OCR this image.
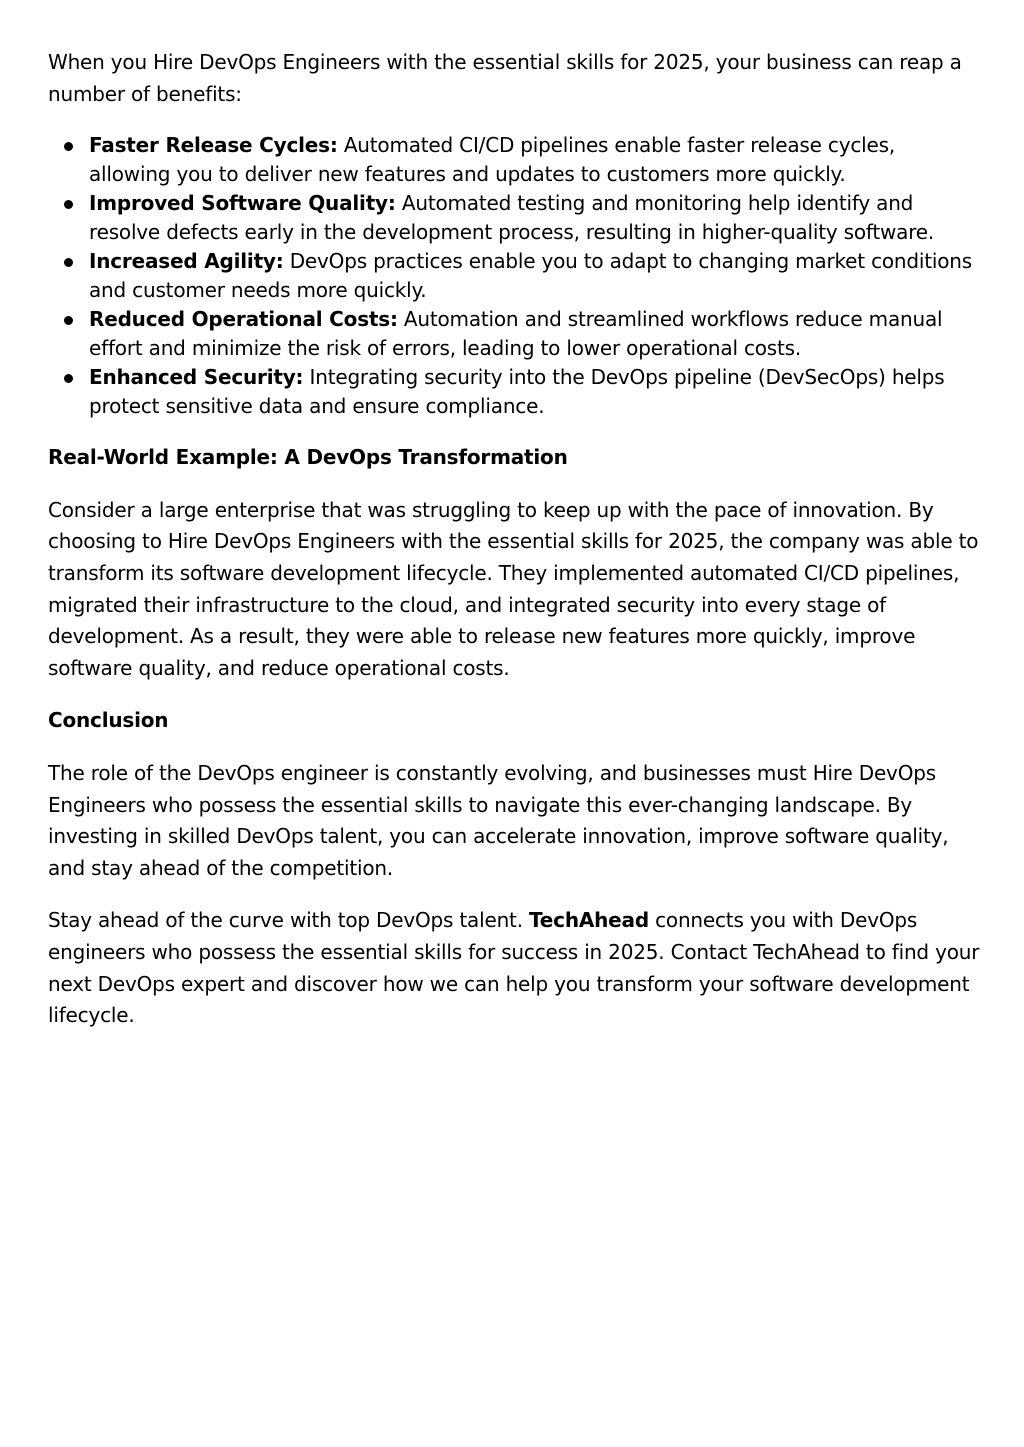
When you Hire DevOps Engineers with the essential skills for 2025, your business can reap a number of benefits:

Faster Release Cycles: Automated CI/CD pipelines enable faster release cycles, allowing you to deliver new features and updates to customers more quickly.
Improved Software Quality: Automated testing and monitoring help identify and resolve defects early in the development process, resulting in higher-quality software.
Increased Agility: DevOps practices enable you to adapt to changing market conditions and customer needs more quickly.
Reduced Operational Costs: Automation and streamlined workflows reduce manual effort and minimize the risk of errors, leading to lower operational costs.
Enhanced Security: Integrating security into the DevOps pipeline (DevSecOps) helps protect sensitive data and ensure compliance.
Real-World Example: A DevOps Transformation

Consider a large enterprise that was struggling to keep up with the pace of innovation. By choosing to Hire DevOps Engineers with the essential skills for 2025, the company was able to transform its software development lifecycle. They implemented automated CI/CD pipelines, migrated their infrastructure to the cloud, and integrated security into every stage of development. As a result, they were able to release new features more quickly, improve software quality, and reduce operational costs.

Conclusion

The role of the DevOps engineer is constantly evolving, and businesses must Hire DevOps Engineers who possess the essential skills to navigate this ever-changing landscape. By investing in skilled DevOps talent, you can accelerate innovation, improve software quality, and stay ahead of the competition.

Stay ahead of the curve with top DevOps talent. TechAhead connects you with DevOps engineers who possess the essential skills for success in 2025. Contact TechAhead to find your next DevOps expert and discover how we can help you transform your software development lifecycle.
